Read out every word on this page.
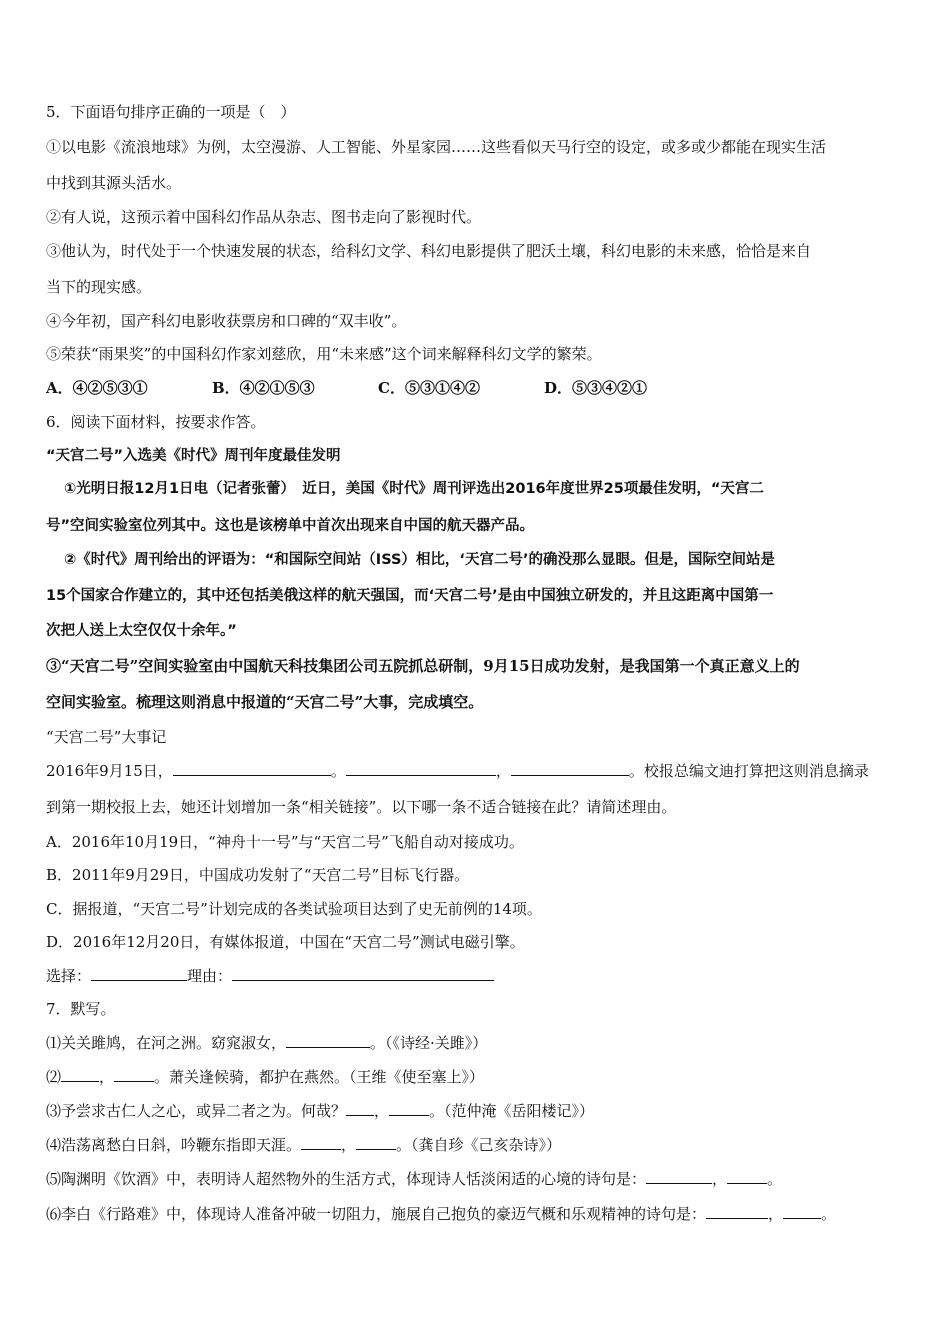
5．下面语句排序正确的一项是（　）
①以电影《流浪地球》为例，太空漫游、人工智能、外星家园……这些看似天马行空的设定，或多或少都能在现实生活
中找到其源头活水。
②有人说，这预示着中国科幻作品从杂志、图书走向了影视时代。
③他认为，时代处于一个快速发展的状态，给科幻文学、科幻电影提供了肥沃土壤，科幻电影的未来感，恰恰是来自
当下的现实感。
④今年初，国产科幻电影收获票房和口碑的“双丰收”。
⑤荣获“雨果奖”的中国科幻作家刘慈欣，用“未来感”这个词来解释科幻文学的繁荣。
A．④②⑤③①	B．④②①⑤③	C．⑤③①④②	D．⑤③④②①
6．阅读下面材料，按要求作答。
“天宫二号”入选美《时代》周刊年度最佳发明
①光明日报12月1日电（记者张蕾）　近日，美国《时代》周刊评选出2016年度世界25项最佳发明，“天宫二
号”空间实验室位列其中。这也是该榜单中首次出现来自中国的航天器产品。
②《时代》周刊给出的评语为：“和国际空间站（ISS）相比，‘天宫二号’的确没那么显眼。但是，国际空间站是
15个国家合作建立的，其中还包括美俄这样的航天强国，而‘天宫二号’是由中国独立研发的，并且这距离中国第一
次把人送上太空仅仅十余年。”
③“天宫二号”空间实验室由中国航天科技集团公司五院抓总研制，9月15日成功发射，是我国第一个真正意义上的
空间实验室。梳理这则消息中报道的“天宫二号”大事，完成填空。
“天宫二号”大事记
2016年9月15日，	。	，	。校报总编文迪打算把这则消息摘录
到第一期校报上去，她还计划增加一条“相关链接”。以下哪一条不适合链接在此？请简述理由。
A．2016年10月19日，“神舟十一号”与“天宫二号”飞船自动对接成功。
B．2011年9月29日，中国成功发射了“天宫二号”目标飞行器。
C．据报道，“天宫二号”计划完成的各类试验项目达到了史无前例的14项。
D．2016年12月20日，有媒体报道，中国在“天宫二号”测试电磁引擎。
选择：	理由：
7．默写。
⑴关关雎鸠，在河之洲。窈窕淑女，	。（《诗经·关雎》）
⑵	，	。萧关逢候骑，都护在燕然。（王维《使至塞上》）
⑶予尝求古仁人之心，或异二者之为。何哉？ ，	。（范仲淹《岳阳楼记》）
⑷浩荡离愁白日斜，吟鞭东指即天涯。	，	。（龚自珍《己亥杂诗》）
⑸陶渊明《饮酒》中，表明诗人超然物外的生活方式，体现诗人恬淡闲适的心境的诗句是：	，	。
⑹李白《行路难》中，体现诗人准备冲破一切阻力，施展自己抱负的豪迈气概和乐观精神的诗句是：	，	。
